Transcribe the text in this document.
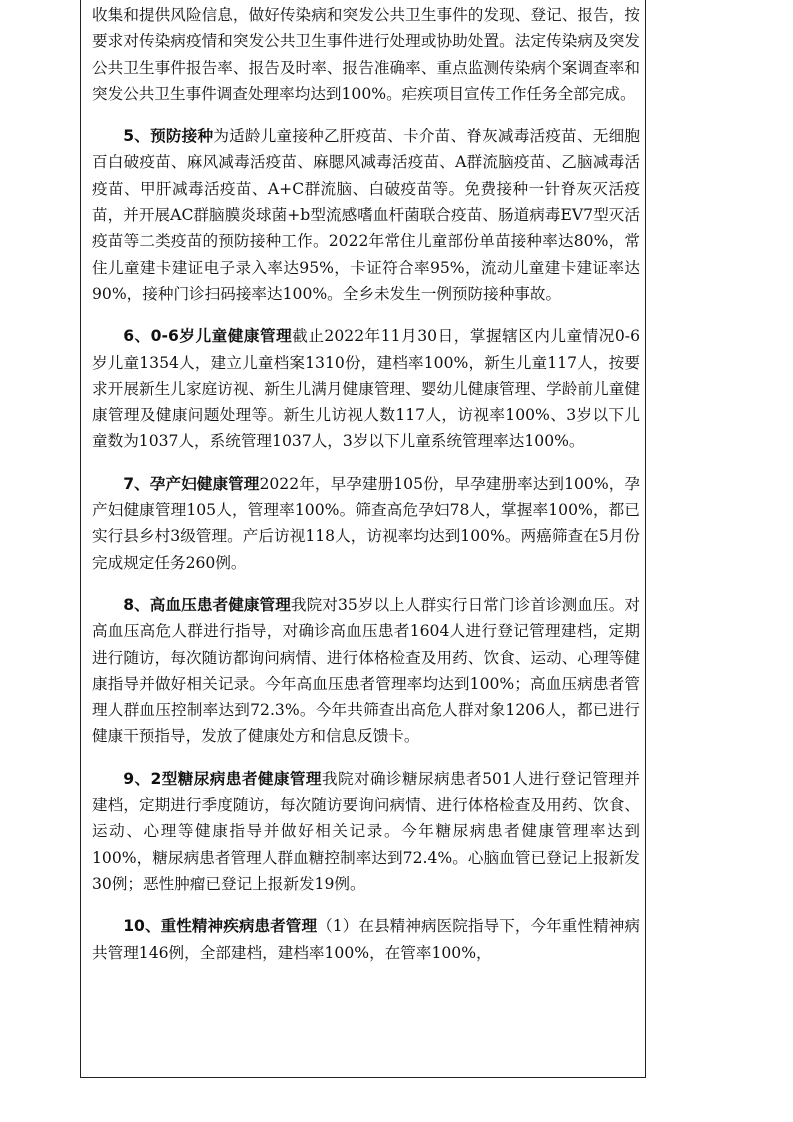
收集和提供风险信息，做好传染病和突发公共卫生事件的发现、登记、报告，按要求对传染病疫情和突发公共卫生事件进行处理或协助处置。法定传染病及突发公共卫生事件报告率、报告及时率、报告准确率、重点监测传染病个案调查率和突发公共卫生事件调查处理率均达到100%。疟疾项目宣传工作任务全部完成。

5、预防接种为适龄儿童接种乙肝疫苗、卡介苗、脊灰减毒活疫苗、无细胞百白破疫苗、麻风减毒活疫苗、麻腮风减毒活疫苗、A群流脑疫苗、乙脑减毒活疫苗、甲肝减毒活疫苗、A+C群流脑、白破疫苗等。免费接种一针脊灰灭活疫苗，并开展AC群脑膜炎球菌+b型流感嗜血杆菌联合疫苗、肠道病毒EV7型灭活疫苗等二类疫苗的预防接种工作。2022年常住儿童部份单苗接种率达80%，常住儿童建卡建证电子录入率达95%，卡证符合率95%，流动儿童建卡建证率达90%，接种门诊扫码接率达100%。全乡未发生一例预防接种事故。

6、0-6岁儿童健康管理截止2022年11月30日，掌握辖区内儿童情况0-6岁儿童1354人，建立儿童档案1310份，建档率100%，新生儿童117人，按要求开展新生儿家庭访视、新生儿满月健康管理、婴幼儿健康管理、学龄前儿童健康管理及健康问题处理等。新生儿访视人数117人，访视率100%、3岁以下儿童数为1037人，系统管理1037人，3岁以下儿童系统管理率达100%。

7、孕产妇健康管理2022年，早孕建册105份，早孕建册率达到100%，孕产妇健康管理105人，管理率100%。筛查高危孕妇78人，掌握率100%，都已实行县乡村3级管理。产后访视118人，访视率均达到100%。两癌筛查在5月份完成规定任务260例。

8、高血压患者健康管理我院对35岁以上人群实行日常门诊首诊测血压。对高血压高危人群进行指导，对确诊高血压患者1604人进行登记管理建档，定期进行随访，每次随访都询问病情、进行体格检查及用药、饮食、运动、心理等健康指导并做好相关记录。今年高血压患者管理率均达到100%；高血压病患者管理人群血压控制率达到72.3%。今年共筛查出高危人群对象1206人，都已进行健康干预指导，发放了健康处方和信息反馈卡。

9、2型糖尿病患者健康管理我院对确诊糖尿病患者501人进行登记管理并建档，定期进行季度随访，每次随访要询问病情、进行体格检查及用药、饮食、运动、心理等健康指导并做好相关记录。今年糖尿病患者健康管理率达到100%，糖尿病患者管理人群血糖控制率达到72.4%。心脑血管已登记上报新发30例；恶性肿瘤已登记上报新发19例。

10、重性精神疾病患者管理（1）在县精神病医院指导下，今年重性精神病共管理146例，全部建档，建档率100%，在管率100%，
